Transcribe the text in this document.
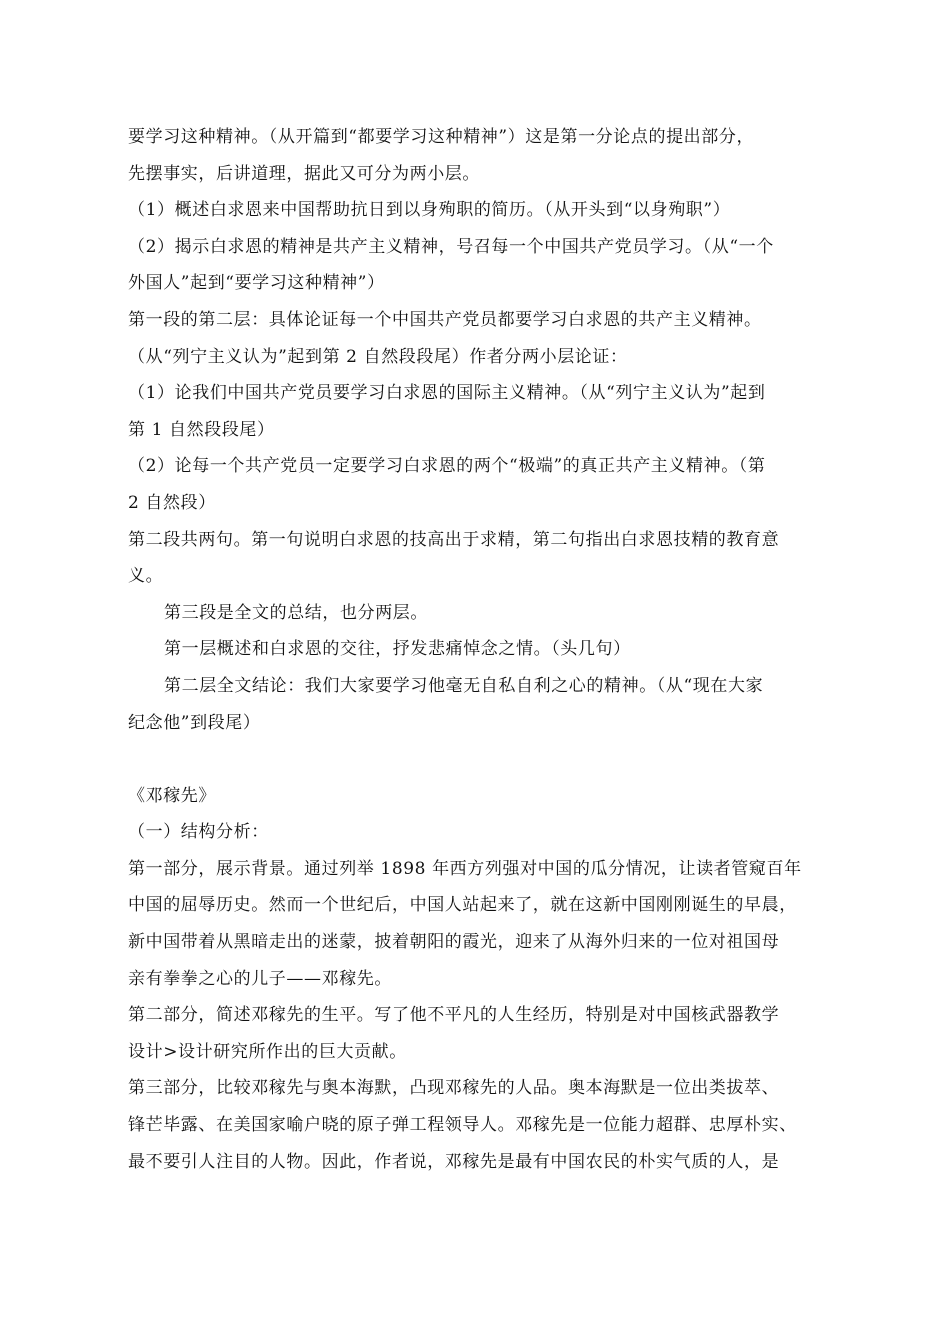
要学习这种精神。（从开篇到“都要学习这种精神”）这是第一分论点的提出部分，
先摆事实，后讲道理，据此又可分为两小层。
（1）概述白求恩来中国帮助抗日到以身殉职的简历。（从开头到“以身殉职”）
（2）揭示白求恩的精神是共产主义精神，号召每一个中国共产党员学习。（从“一个
外国人”起到“要学习这种精神”）
第一段的第二层：具体论证每一个中国共产党员都要学习白求恩的共产主义精神。
（从“列宁主义认为”起到第 2 自然段段尾）作者分两小层论证：
（1）论我们中国共产党员要学习白求恩的国际主义精神。（从“列宁主义认为”起到
第 1 自然段段尾）
（2）论每一个共产党员一定要学习白求恩的两个“极端”的真正共产主义精神。（第
2 自然段）
第二段共两句。第一句说明白求恩的技高出于求精，第二句指出白求恩技精的教育意
义。
第三段是全文的总结，也分两层。
第一层概述和白求恩的交往，抒发悲痛悼念之情。（头几句）
第二层全文结论：我们大家要学习他毫无自私自利之心的精神。（从“现在大家
纪念他”到段尾）
《邓稼先》
（一）结构分析：
第一部分，展示背景。通过列举 1898 年西方列强对中国的瓜分情况，让读者管窥百年
中国的屈辱历史。然而一个世纪后，中国人站起来了，就在这新中国刚刚诞生的早晨，
新中国带着从黑暗走出的迷蒙，披着朝阳的霞光，迎来了从海外归来的一位对祖国母
亲有拳拳之心的儿子——邓稼先。
第二部分，简述邓稼先的生平。写了他不平凡的人生经历，特别是对中国核武器教学
设计>设计研究所作出的巨大贡献。
第三部分，比较邓稼先与奥本海默，凸现邓稼先的人品。奥本海默是一位出类拔萃、
锋芒毕露、在美国家喻户晓的原子弹工程领导人。邓稼先是一位能力超群、忠厚朴实、
最不要引人注目的人物。因此，作者说，邓稼先是最有中国农民的朴实气质的人，是
